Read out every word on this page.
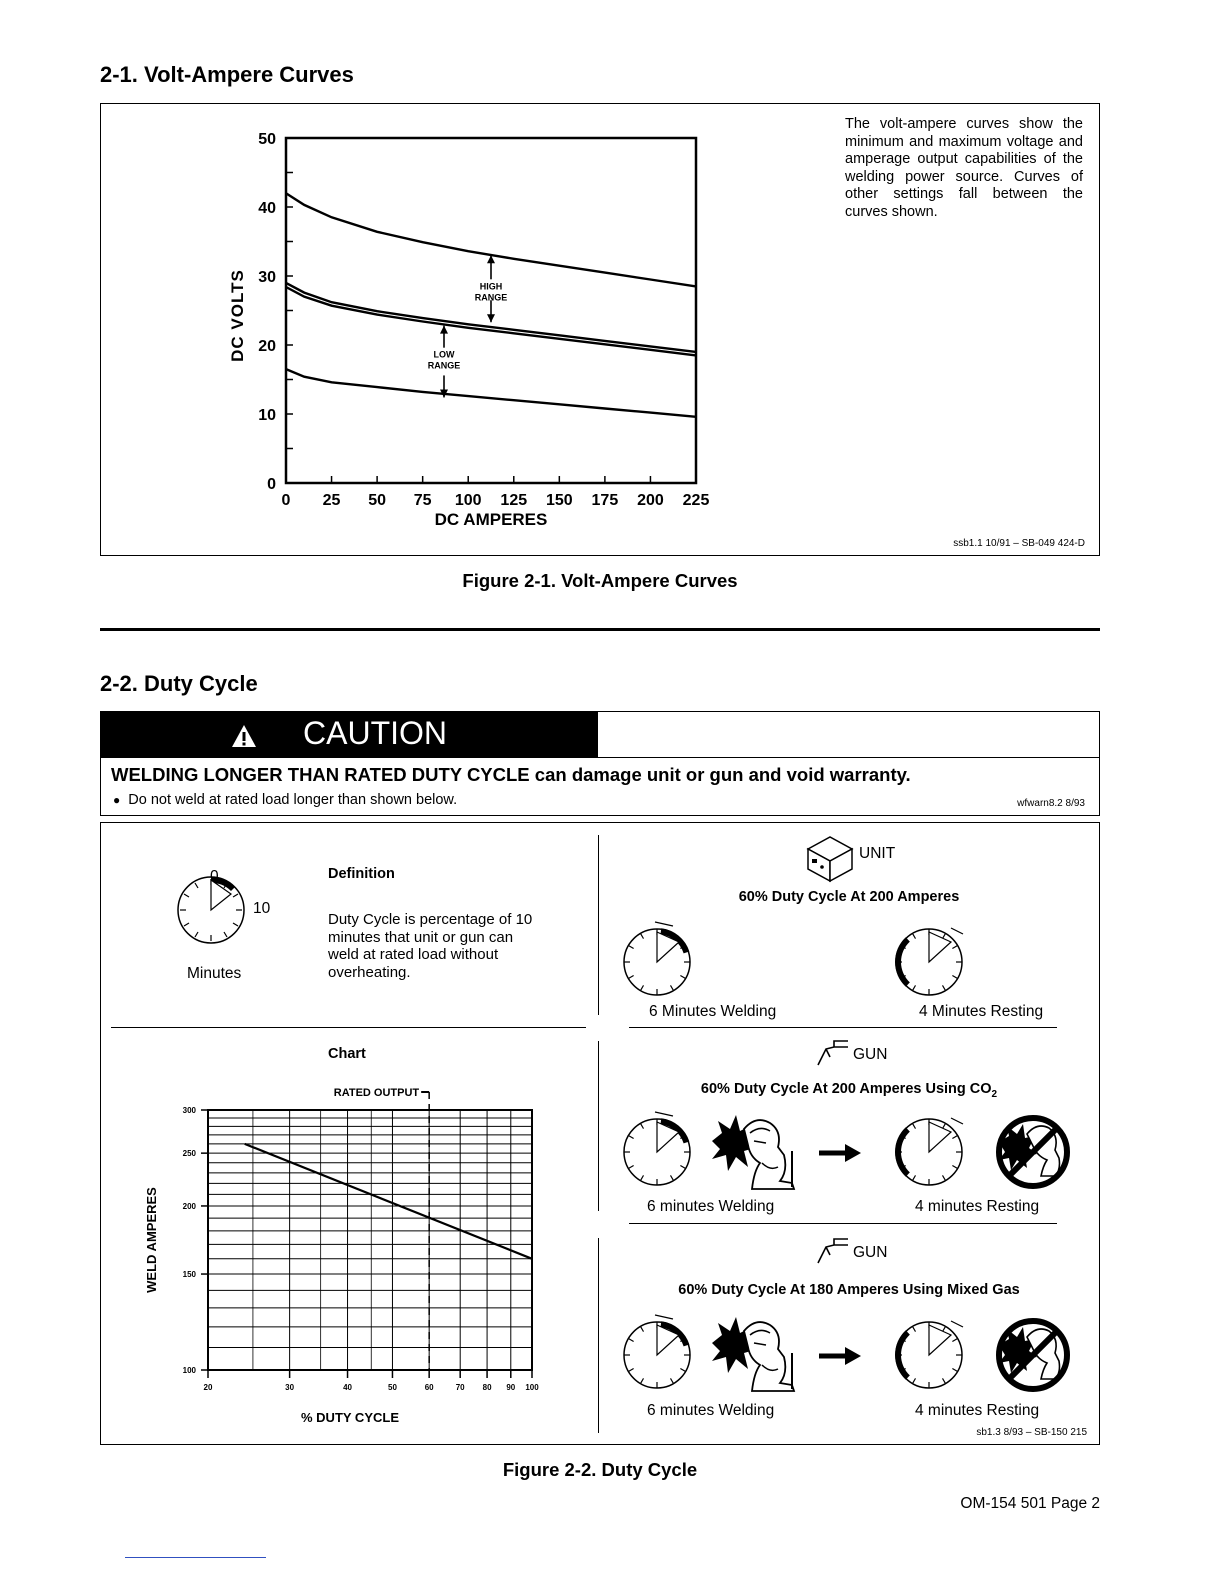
2-1. Volt-Ampere Curves
0
10
20
30
40
50
0 25 50 75 100 125 150 175 200 225
DC AMPERES
DC VOLTS	HIGH
RANGE
LOW
RANGE
The volt-ampere curves show the minimum and maximum voltage and amperage output capabilities of the welding power source. Curves of other settings fall between the curves shown.
ssb1.1 10/91 – SB-049 424-D
Figure 2-1. Volt-Ampere Curves
2-2. Duty Cycle
CAUTION
WELDING LONGER THAN RATED DUTY CYCLE can damage unit or gun and void warranty.
● Do not weld at rated load longer than shown below.	wfwarn8.2 8/93
0
10
Minutes
Definition
Duty Cycle is percentage of 10 minutes that unit or gun can weld at rated load without overheating.
Chart
100
150
200
250
300
20	30	40	50	60	70 80 90 100
% DUTY CYCLE
WELD AMPERES
RATED OUTPUT
UNIT
60% Duty Cycle At 200 Amperes
6 Minutes Welding	4 Minutes Resting
GUN
60% Duty Cycle At 200 Amperes Using $CO_2$
6 minutes Welding	4 minutes Resting
GUN
60% Duty Cycle At 180 Amperes Using Mixed Gas
6 minutes Welding	4 minutes Resting
sb1.3 8/93 – SB-150 215
Figure 2-2. Duty Cycle
OM-154 501 Page 2
